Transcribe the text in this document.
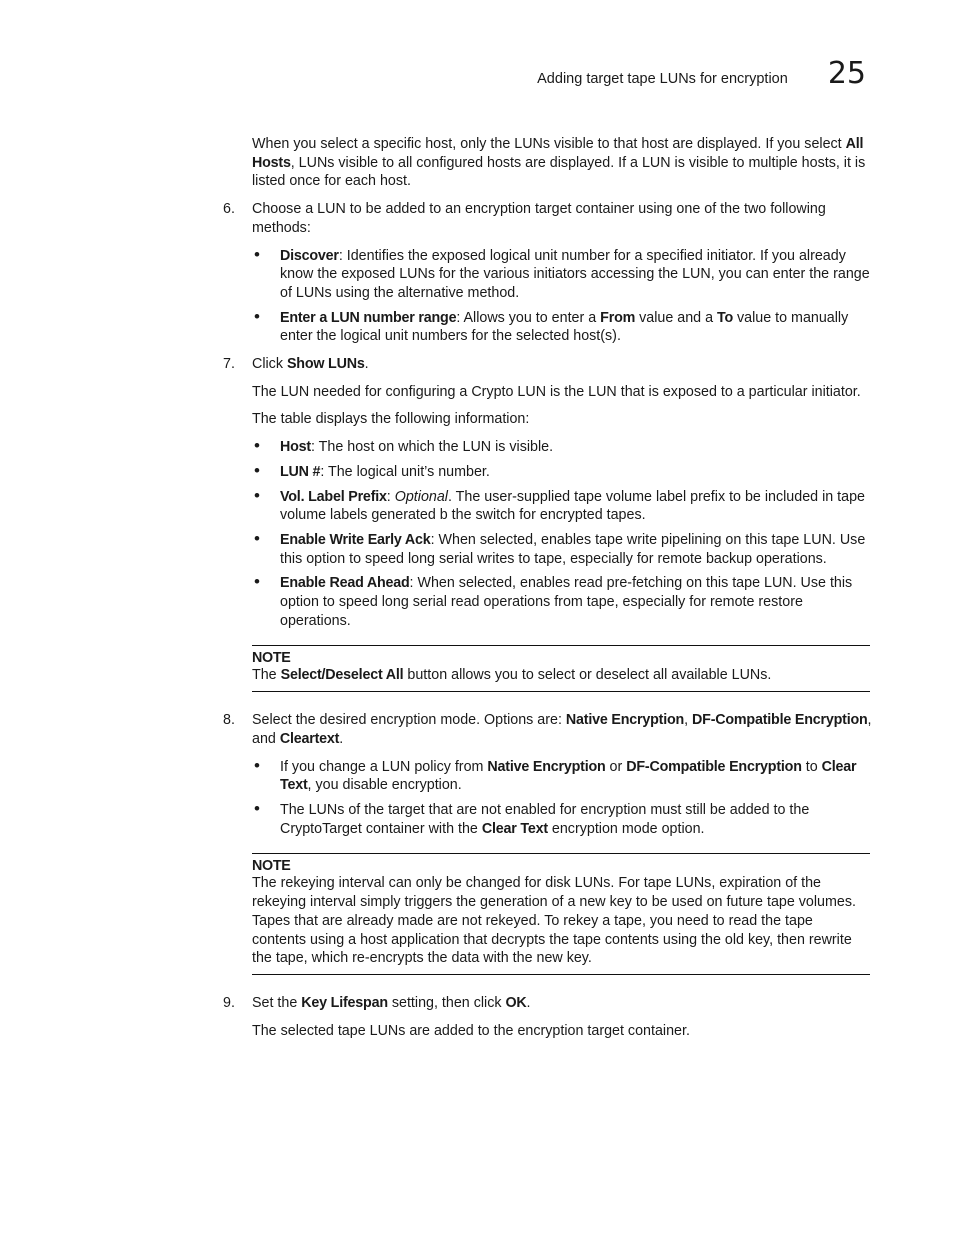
Adding target tape LUNs for encryption 25

When you select a specific host, only the LUNs visible to that host are displayed. If you select All Hosts, LUNs visible to all configured hosts are displayed. If a LUN is visible to multiple hosts, it is listed once for each host.

6. Choose a LUN to be added to an encryption target container using one of the two following methods:

• Discover: Identifies the exposed logical unit number for a specified initiator. If you already know the exposed LUNs for the various initiators accessing the LUN, you can enter the range of LUNs using the alternative method.
• Enter a LUN number range: Allows you to enter a From value and a To value to manually enter the logical unit numbers for the selected host(s).

7. Click Show LUNs.

The LUN needed for configuring a Crypto LUN is the LUN that is exposed to a particular initiator.

The table displays the following information:

• Host: The host on which the LUN is visible.
• LUN #: The logical unit’s number.
• Vol. Label Prefix: Optional. The user-supplied tape volume label prefix to be included in tape volume labels generated b the switch for encrypted tapes.
• Enable Write Early Ack: When selected, enables tape write pipelining on this tape LUN. Use this option to speed long serial writes to tape, especially for remote backup operations.
• Enable Read Ahead: When selected, enables read pre-fetching on this tape LUN. Use this option to speed long serial read operations from tape, especially for remote restore operations.
NOTE

The Select/Deselect All button allows you to select or deselect all available LUNs.

8. Select the desired encryption mode. Options are: Native Encryption, DF-Compatible Encryption, and Cleartext.

• If you change a LUN policy from Native Encryption or DF-Compatible Encryption to Clear Text, you disable encryption.
• The LUNs of the target that are not enabled for encryption must still be added to the CryptoTarget container with the Clear Text encryption mode option.
NOTE

The rekeying interval can only be changed for disk LUNs. For tape LUNs, expiration of the rekeying interval simply triggers the generation of a new key to be used on future tape volumes. Tapes that are already made are not rekeyed. To rekey a tape, you need to read the tape contents using a host application that decrypts the tape contents using the old key, then rewrite the tape, which re-encrypts the data with the new key.

9. Set the Key Lifespan setting, then click OK.

The selected tape LUNs are added to the encryption target container.
